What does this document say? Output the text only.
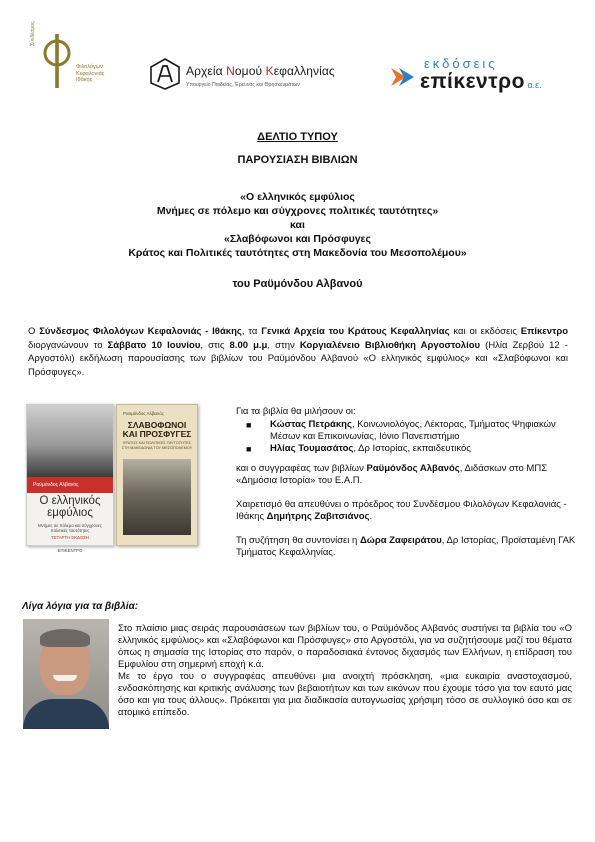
Σύνδεσμος
Φιλολόγων
Κεφαλονιάς
Ιθάκης
Αρχεία Νομού Κεφαλληνίας
Υπουργείο Παιδείας, Έρευνας και Θρησκευμάτων
εκδόσεις
επίκεντρο α.ε.
ΔΕΛΤΙΟ ΤΥΠΟΥ
ΠΑΡΟΥΣΙΑΣΗ ΒΙΒΛΙΩΝ
«Ο ελληνικός εμφύλιος
Μνήμες σε πόλεμο και σύγχρονες πολιτικές ταυτότητες»
και
«Σλαβόφωνοι και Πρόσφυγες
Κράτος και Πολιτικές ταυτότητες στη Μακεδονία του Μεσοπολέμου»
του Ραϋμόνδου Αλβανού
Ο Σύνδεσμος Φιλολόγων Κεφαλονιάς - Ιθάκης, τα Γενικά Αρχεία του Κράτους Κεφαλληνίας και οι εκδόσεις Επίκεντρο διοργανώνουν το Σάββατο 10 Ιουνίου, στις 8.00 μ.μ, στην Κοργιαλένειο Βιβλιοθήκη Αργοστολίου (Ηλία Ζερβού 12 - Αργοστόλι) εκδήλωση παρουσίασης των βιβλίων του Ραϋμόνδου Αλβανού «Ο ελληνικός εμφύλιος» και «Σλαβόφωνοι και Πρόσφυγες».
Ραϋμόνδος Αλβανός
Ο ελληνικός
εμφύλιος
Μνήμες σε πόλεμο και σύγχρονες πολιτικές ταυτότητες
ΤΕΤΑΡΤΗ ΕΚΔΟΣΗ
ΕΠΙΚΕΝΤΡΟ
Ραϋμόνδος Αλβανός
ΣΛΑΒΟΦΩΝΟΙ
ΚΑΙ ΠΡΟΣΦΥΓΕΣ
ΚΡΑΤΟΣ ΚΑΙ ΠΟΛΙΤΙΚΕΣ ΤΑΥΤΟΤΗΤΕΣ ΣΤΗ ΜΑΚΕΔΟΝΙΑ ΤΟΥ ΜΕΣΟΠΟΛΕΜΟΥ

Για τα βιβλία θα μιλήσουν οι:

■ Κώστας Πετράκης, Κοινωνιολόγος, Λέκτορας, Τμήματος Ψηφιακών Μέσων και Επικοινωνίας, Ιόνιο Πανεπιστήμιο
■ Ηλίας Τουμασάτος, Δρ Ιστορίας, εκπαιδευτικός

και ο συγγραφέας των βιβλίων Ραϋμόνδος Αλβανός, Διδάσκων στο ΜΠΣ «Δημόσια Ιστορία» του Ε.Α.Π.

Χαιρετισμό θα απευθύνει ο πρόεδρος του Συνδέσμου Φιλολόγων Κεφαλονιάς - Ιθάκης Δημήτρης Ζαβιτσιάνος.

Τη συζήτηση θα συντονίσει η Δώρα Ζαφειράτου, Δρ Ιστορίας, Προϊσταμένη ΓΑΚ Τμήματος Κεφαλληνίας.

Λίγα λόγια για τα βιβλία:

Στο πλαίσιο μιας σειράς παρουσιάσεων των βιβλίων του, ο Ραϋμόνδος Αλβανός συστήνει τα βιβλία του «Ο ελληνικός εμφύλιος» και «Σλαβόφωνοι και Πρόσφυγες» στο Αργοστόλι, για να συζητήσουμε μαζί του θέματα όπως η σημασία της Ιστορίας στο παρόν, ο παραδοσιακά έντονος διχασμός των Ελλήνων, η επίδραση του Εμφυλίου στη σημερινή εποχή κ.ά.

Με το έργο του ο συγγραφέας απευθύνει μια ανοιχτή πρόσκληση, «μια ευκαιρία αναστοχασμού, ενδοσκόπησης και κριτικής ανάλυσης των βεβαιοτήτων και των εικόνων που έχουμε τόσο για τον εαυτό μας όσο και για τους άλλους». Πρόκειται για μια διαδικασία αυτογνωσίας χρήσιμη τόσο σε συλλογικό όσο και σε ατομικό επίπεδο.
